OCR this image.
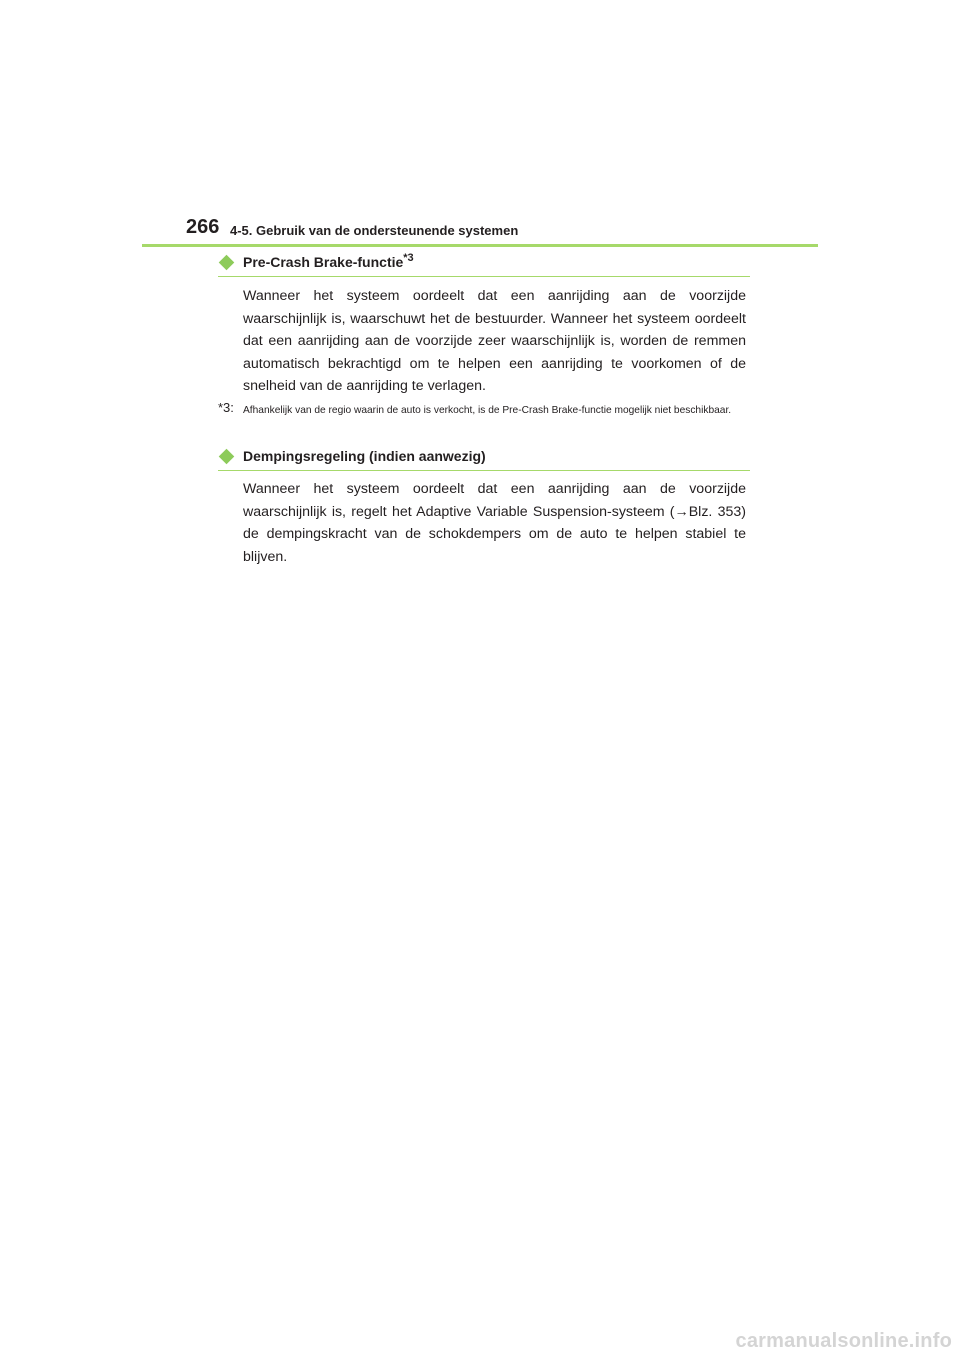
266 4-5. Gebruik van de ondersteunende systemen
Pre-Crash Brake-functie$^{*3}$

Wanneer het systeem oordeelt dat een aanrijding aan de voorzijde waarschijnlijk is, waarschuwt het de bestuurder. Wanneer het systeem oordeelt dat een aanrijding aan de voorzijde zeer waarschijnlijk is, worden de remmen automatisch bekrachtigd om te helpen een aanrijding te voorkomen of de snelheid van de aanrijding te verlagen.

*3: Afhankelijk van de regio waarin de auto is verkocht, is de Pre-Crash Brake-functie mogelijk niet beschikbaar.
Dempingsregeling (indien aanwezig)

Wanneer het systeem oordeelt dat een aanrijding aan de voorzijde waarschijnlijk is, regelt het Adaptive Variable Suspension-systeem (→Blz. 353) de dempingskracht van de schokdempers om de auto te helpen stabiel te blijven.

carmanualsonline.info
